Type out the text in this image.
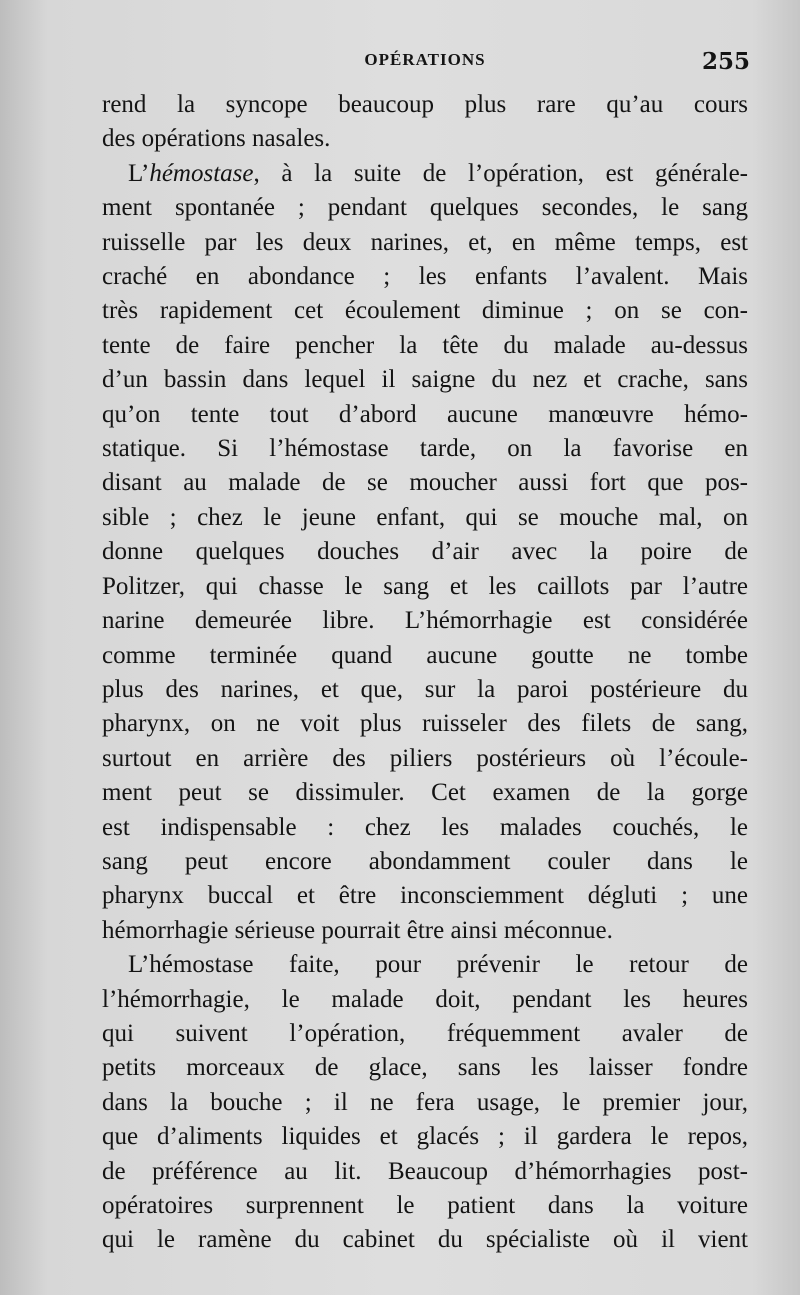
OPÉRATIONS	255
rend la syncope beaucoup plus rare qu’au cours
des opérations nasales.
L’hémostase, à la suite de l’opération, est générale-
ment spontanée ; pendant quelques secondes, le sang
ruisselle par les deux narines, et, en même temps, est
craché en abondance ; les enfants l’avalent. Mais
très rapidement cet écoulement diminue ; on se con-
tente de faire pencher la tête du malade au-dessus
d’un bassin dans lequel il saigne du nez et crache, sans
qu’on tente tout d’abord aucune manœuvre hémo-
statique. Si l’hémostase tarde, on la favorise en
disant au malade de se moucher aussi fort que pos-
sible ; chez le jeune enfant, qui se mouche mal, on
donne quelques douches d’air avec la poire de
Politzer, qui chasse le sang et les caillots par l’autre
narine demeurée libre. L’hémorrhagie est considérée
comme terminée quand aucune goutte ne tombe
plus des narines, et que, sur la paroi postérieure du
pharynx, on ne voit plus ruisseler des filets de sang,
surtout en arrière des piliers postérieurs où l’écoule-
ment peut se dissimuler. Cet examen de la gorge
est indispensable : chez les malades couchés, le
sang peut encore abondamment couler dans le
pharynx buccal et être inconsciemment dégluti ; une
hémorrhagie sérieuse pourrait être ainsi méconnue.
L’hémostase faite, pour prévenir le retour de
l’hémorrhagie, le malade doit, pendant les heures
qui suivent l’opération, fréquemment avaler de
petits morceaux de glace, sans les laisser fondre
dans la bouche ; il ne fera usage, le premier jour,
que d’aliments liquides et glacés ; il gardera le repos,
de préférence au lit. Beaucoup d’hémorrhagies post-
opératoires surprennent le patient dans la voiture
qui le ramène du cabinet du spécialiste où il vient
